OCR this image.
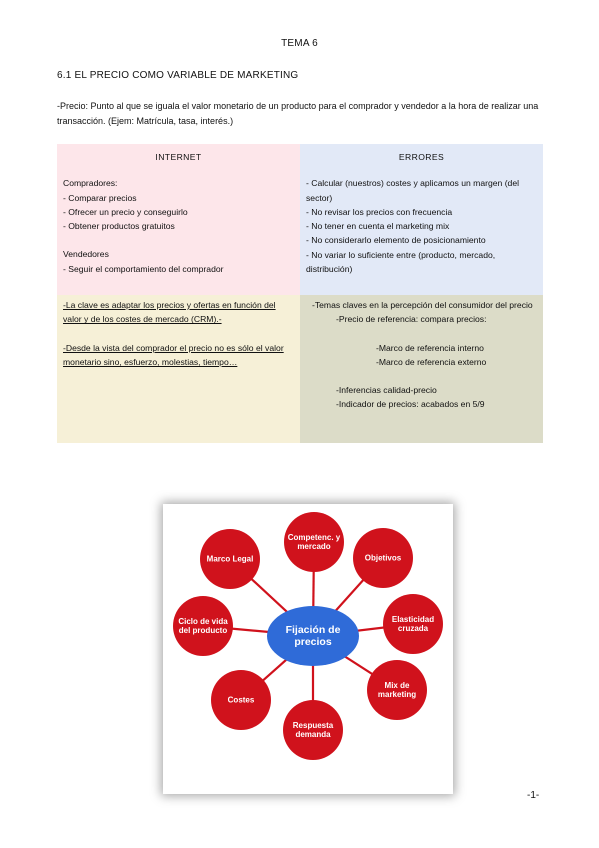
TEMA 6
6.1 EL PRECIO COMO VARIABLE DE MARKETING
-Precio: Punto al que se iguala el valor monetario de un producto para el comprador y vendedor a la hora de realizar una transacción. (Ejem: Matrícula, tasa, interés.)
INTERNET
Compradores:
- Comparar precios
- Ofrecer un precio y conseguirlo
- Obtener productos gratuitos
Vendedores
- Seguir el comportamiento del comprador
ERRORES
- Calcular (nuestros) costes y aplicamos un margen (del sector)
- No revisar los precios con frecuencia
- No tener en cuenta el marketing mix
- No considerarlo elemento de posicionamiento
- No variar lo suficiente entre (producto, mercado, distribución)
-La clave es adaptar los precios y ofertas en función del valor y de los costes de mercado (CRM).-
-Desde la vista del comprador el precio no es sólo el valor monetario sino, esfuerzo, molestias, tiempo…
-Temas claves en la percepción del consumidor del precio
-Precio de referencia: compara precios:
-Marco de referencia interno
-Marco de referencia externo
-Inferencias calidad-precio
-Indicador de precios: acabados en 5/9
Competenc. y mercado
Objetivos
Elasticidad cruzada
Mix de marketing
Respuesta demanda
Costes
Ciclo de vida del producto
Marco Legal
Fijación de precios
-1-
